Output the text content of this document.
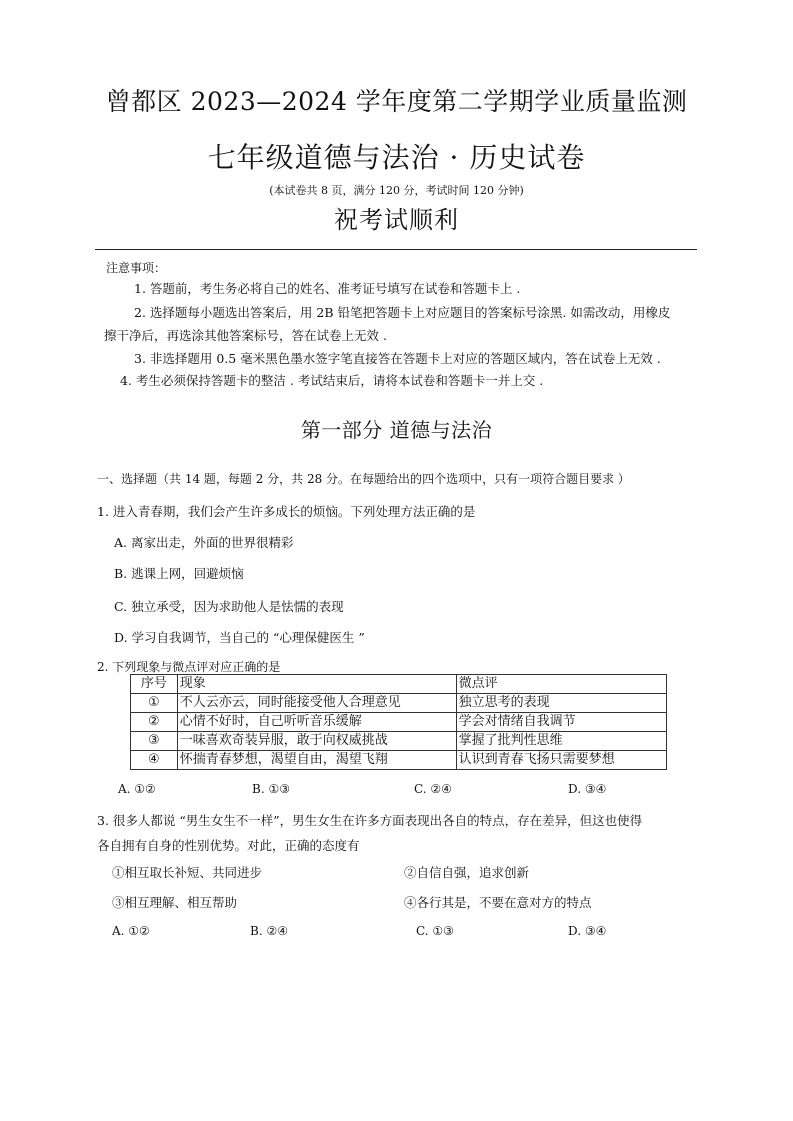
曾都区 2023—2024 学年度第二学期学业质量监测
七年级道德与法治 · 历史试卷
(本试卷共 8 页，满分 120 分，考试时间 120 分钟)
祝考试顺利
注意事项：
1. 答题前，考生务必将自己的姓名、准考证号填写在试卷和答题卡上 .
2. 选择题每小题选出答案后，用 2B 铅笔把答题卡上对应题目的答案标号涂黑. 如需改动，用橡皮
擦干净后，再选涂其他答案标号，答在试卷上无效 .
3. 非选择题用 0.5 毫米黑色墨水签字笔直接答在答题卡上对应的答题区域内，答在试卷上无效 .
4. 考生必须保持答题卡的整洁 . 考试结束后，请将本试卷和答题卡一并上交 .
第一部分 道德与法治
一、选择题（共 14 题，每题 2 分，共 28 分。在每题给出的四个选项中，只有一项符合题目要求 ）
1. 进入青春期，我们会产生许多成长的烦恼。下列处理方法正确的是
A. 离家出走，外面的世界很精彩
B. 逃课上网，回避烦恼
C. 独立承受，因为求助他人是怯懦的表现
D. 学习自我调节，当自己的 “心理保健医生 ”
2. 下列现象与微点评对应正确的是
序号	现象	微点评
①	不人云亦云，同时能接受他人合理意见	独立思考的表现
②	心情不好时，自己听听音乐缓解	学会对情绪自我调节
③	一味喜欢奇装异服，敢于向权威挑战	掌握了批判性思维
④	怀揣青春梦想，渴望自由，渴望飞翔	认识到青春飞扬只需要梦想
A. ①②	B. ①③	C. ②④	D. ③④
3. 很多人都说 “男生女生不一样”，男生女生在许多方面表现出各自的特点，存在差异，但这也使得
各自拥有自身的性别优势。对此，正确的态度有
①相互取长补短、共同进步	②自信自强，追求创新
③相互理解、相互帮助	④各行其是，不要在意对方的特点
A. ①②	B. ②④	C. ①③	D. ③④
